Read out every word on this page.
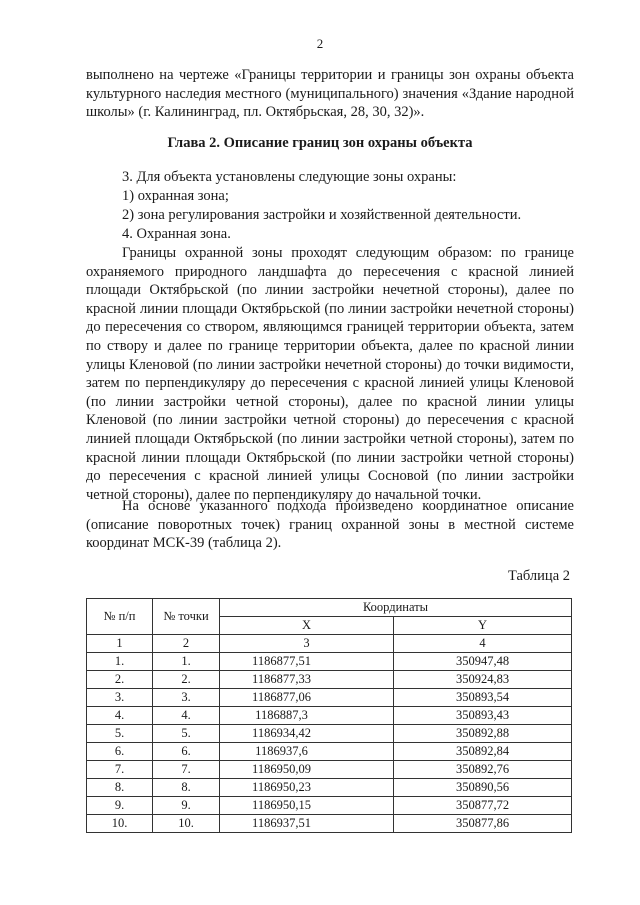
2

выполнено на чертеже «Границы территории и границы зон охраны объекта культурного наследия местного (муниципального) значения «Здание народной школы» (г. Калининград, пл. Октябрьская, 28, 30, 32)».

Глава 2. Описание границ зон охраны объекта
3. Для объекта установлены следующие зоны охраны:
1) охранная зона;
2) зона регулирования застройки и хозяйственной деятельности.
4. Охранная зона.

Границы охранной зоны проходят следующим образом: по границе охраняемого природного ландшафта до пересечения с красной линией площади Октябрьской (по линии застройки нечетной стороны), далее по красной линии площади Октябрьской (по линии застройки нечетной стороны) до пересечения со створом, являющимся границей территории объекта, затем по створу и далее по границе территории объекта, далее по красной линии улицы Кленовой (по линии застройки нечетной стороны) до точки видимости, затем по перпендикуляру до пересечения с красной линией улицы Кленовой (по линии застройки четной стороны), далее по красной линии улицы Кленовой (по линии застройки четной стороны) до пересечения с красной линией площади Октябрьской (по линии застройки четной стороны), затем по красной линии площади Октябрьской (по линии застройки четной стороны) до пересечения с красной линией улицы Сосновой (по линии застройки четной стороны), далее по перпендикуляру до начальной точки.

На основе указанного подхода произведено координатное описание (описание поворотных точек) границ охранной зоны в местной системе координат МСК-39 (таблица 2).

Таблица 2
№ п/п	№ точки	Координаты	
		X	Y
1	2	3	4
1.	1.	1186877,51	350947,48
2.	2.	1186877,33	350924,83
3.	3.	1186877,06	350893,54
4.	4.	1186887,3	350893,43
5.	5.	1186934,42	350892,88
6.	6.	1186937,6	350892,84
7.	7.	1186950,09	350892,76
8.	8.	1186950,23	350890,56
9.	9.	1186950,15	350877,72
10.	10.	1186937,51	350877,86
